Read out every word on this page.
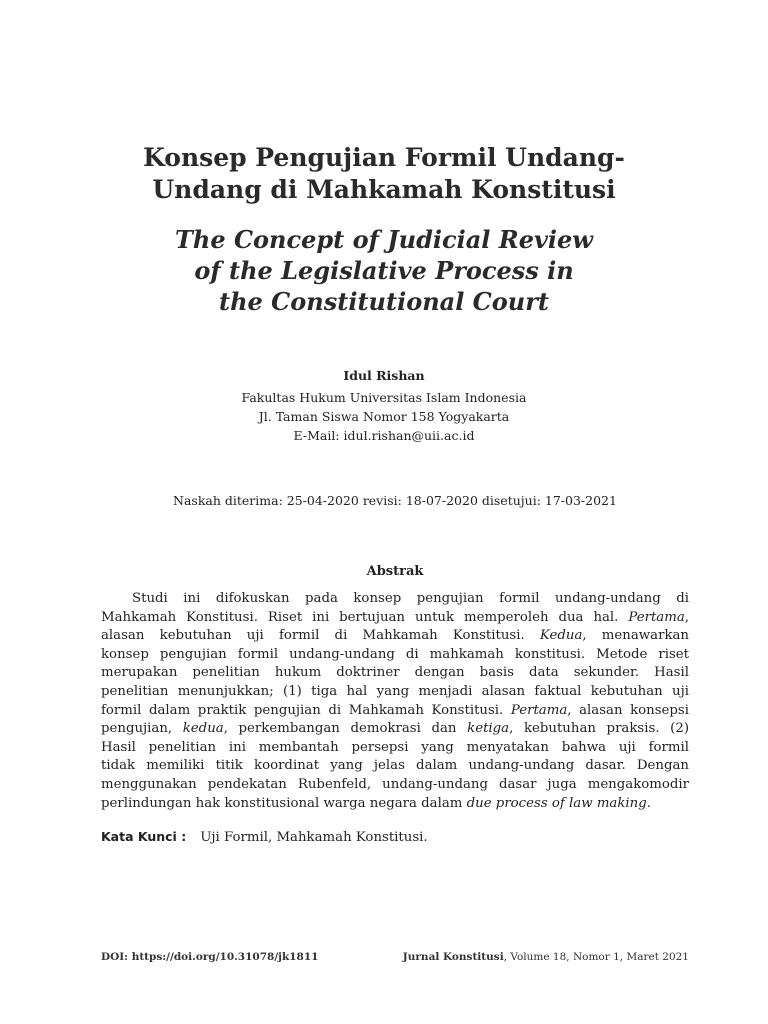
Konsep Pengujian Formil Undang-
Undang di Mahkamah Konstitusi
The Concept of Judicial Review
of the Legislative Process in
the Constitutional Court
Idul Rishan
Fakultas Hukum Universitas Islam Indonesia
Jl. Taman Siswa Nomor 158 Yogyakarta
E-Mail: idul.rishan@uii.ac.id
Naskah diterima: 25-04-2020 revisi: 18-07-2020 disetujui: 17-03-2021
Abstrak
Studi ini difokuskan pada konsep pengujian formil undang-undang di
Mahkamah Konstitusi. Riset ini bertujuan untuk memperoleh dua hal. Pertama,
alasan kebutuhan uji formil di Mahkamah Konstitusi. Kedua, menawarkan
konsep pengujian formil undang-undang di mahkamah konstitusi. Metode riset
merupakan penelitian hukum doktriner dengan basis data sekunder. Hasil
penelitian menunjukkan; (1) tiga hal yang menjadi alasan faktual kebutuhan uji
formil dalam praktik pengujian di Mahkamah Konstitusi. Pertama, alasan konsepsi
pengujian, kedua, perkembangan demokrasi dan ketiga, kebutuhan praksis. (2)
Hasil penelitian ini membantah persepsi yang menyatakan bahwa uji formil
tidak memiliki titik koordinat yang jelas dalam undang-undang dasar. Dengan
menggunakan pendekatan Rubenfeld, undang-undang dasar juga mengakomodir
perlindungan hak konstitusional warga negara dalam due process of law making.
Kata Kunci : Uji Formil, Mahkamah Konstitusi.
DOI: https://doi.org/10.31078/jk1811	Jurnal Konstitusi, Volume 18, Nomor 1, Maret 2021
